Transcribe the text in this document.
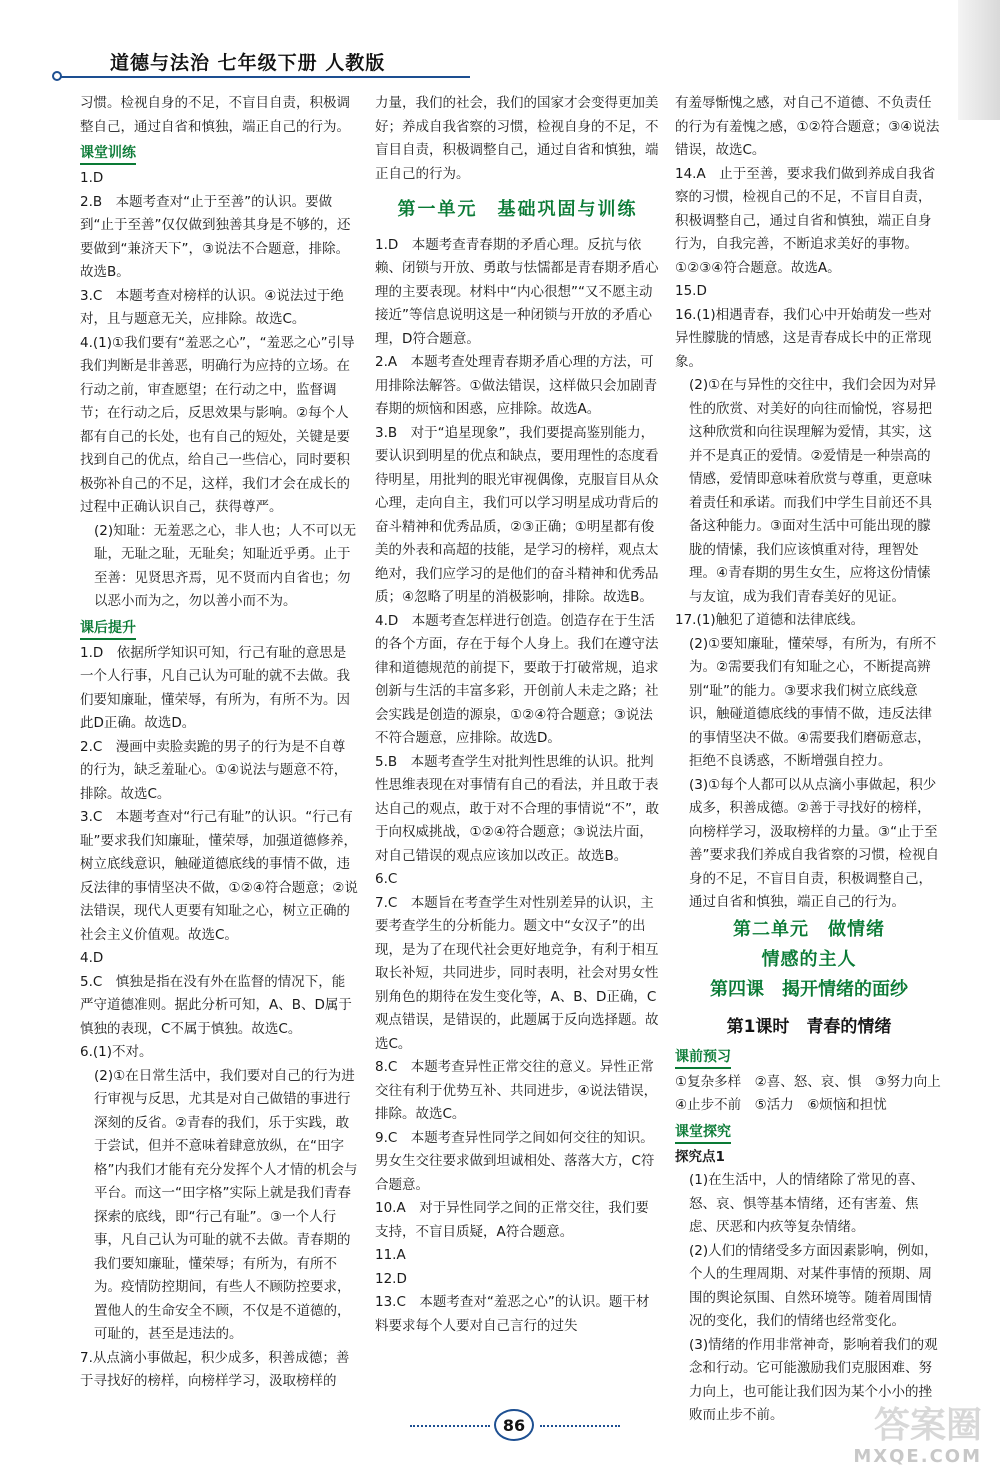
道德与法治 七年级下册 人教版

习惯。检视自身的不足，不盲目自责，积极调整自己，通过自省和慎独，端正自己的行为。

课堂训练

1.D

2.B　本题考查对“止于至善”的认识。要做到“止于至善”仅仅做到独善其身是不够的，还要做到“兼济天下”，③说法不合题意，排除。故选B。

3.C　本题考查对榜样的认识。④说法过于绝对，且与题意无关，应排除。故选C。

4.(1)①我们要有“羞恶之心”，“羞恶之心”引导我们判断是非善恶，明确行为应持的立场。在行动之前，审查愿望；在行动之中，监督调节；在行动之后，反思效果与影响。②每个人都有自己的长处，也有自己的短处，关键是要找到自己的优点，给自己一些信心，同时要积极弥补自己的不足，这样，我们才会在成长的过程中正确认识自己，获得尊严。

(2)知耻：无羞恶之心，非人也；人不可以无耻，无耻之耻，无耻矣；知耻近乎勇。止于至善：见贤思齐焉，见不贤而内自省也；勿以恶小而为之，勿以善小而不为。

课后提升

1.D　依据所学知识可知，行己有耻的意思是一个人行事，凡自己认为可耻的就不去做。我们要知廉耻，懂荣辱，有所为，有所不为。因此D正确。故选D。

2.C　漫画中卖脸卖跪的男子的行为是不自尊的行为，缺乏羞耻心。①④说法与题意不符，排除。故选C。

3.C　本题考查对“行己有耻”的认识。“行己有耻”要求我们知廉耻，懂荣辱，加强道德修养，树立底线意识，触碰道德底线的事情不做，违反法律的事情坚决不做，①②④符合题意；②说法错误，现代人更要有知耻之心，树立正确的社会主义价值观。故选C。

4.D

5.C　慎独是指在没有外在监督的情况下，能严守道德准则。据此分析可知，A、B、D属于慎独的表现，C不属于慎独。故选C。

6.(1)不对。

(2)①在日常生活中，我们要对自己的行为进行审视与反思，尤其是对自己做错的事进行深刻的反省。②青春的我们，乐于实践，敢于尝试，但并不意味着肆意放纵，在“田字格”内我们才能有充分发挥个人才情的机会与平台。而这一“田字格”实际上就是我们青春探索的底线，即“行己有耻”。③一个人行事，凡自己认为可耻的就不去做。青春期的我们要知廉耻，懂荣辱；有所为，有所不为。疫情防控期间，有些人不顾防控要求，置他人的生命安全不顾，不仅是不道德的，可耻的，甚至是违法的。

7.从点滴小事做起，积少成多，积善成德；善于寻找好的榜样，向榜样学习，汲取榜样的

力量，我们的社会，我们的国家才会变得更加美好；养成自我省察的习惯，检视自身的不足，不盲目自责，积极调整自己，通过自省和慎独，端正自己的行为。

第一单元　基础巩固与训练

1.D　本题考查青春期的矛盾心理。反抗与依赖、闭锁与开放、勇敢与怯懦都是青春期矛盾心理的主要表现。材料中“内心很想”“又不愿主动接近”等信息说明这是一种闭锁与开放的矛盾心理，D符合题意。

2.A　本题考查处理青春期矛盾心理的方法，可用排除法解答。①做法错误，这样做只会加剧青春期的烦恼和困惑，应排除。故选A。

3.B　对于“追星现象”，我们要提高鉴别能力，要认识到明星的优点和缺点，要用理性的态度看待明星，用批判的眼光审视偶像，克服盲目从众心理，走向自主，我们可以学习明星成功背后的奋斗精神和优秀品质，②③正确；①明星都有俊美的外表和高超的技能，是学习的榜样，观点太绝对，我们应学习的是他们的奋斗精神和优秀品质；④忽略了明星的消极影响，排除。故选B。

4.D　本题考查怎样进行创造。创造存在于生活的各个方面，存在于每个人身上。我们在遵守法律和道德规范的前提下，要敢于打破常规，追求创新与生活的丰富多彩，开创前人未走之路；社会实践是创造的源泉，①②④符合题意；③说法不符合题意，应排除。故选D。

5.B　本题考查学生对批判性思维的认识。批判性思维表现在对事情有自己的看法，并且敢于表达自己的观点，敢于对不合理的事情说“不”，敢于向权威挑战，①②④符合题意；③说法片面，对自己错误的观点应该加以改正。故选B。

6.C

7.C　本题旨在考查学生对性别差异的认识，主要考查学生的分析能力。题文中“女汉子”的出现，是为了在现代社会更好地竞争，有利于相互取长补短，共同进步，同时表明，社会对男女性别角色的期待在发生变化等，A、B、D正确，C观点错误，是错误的，此题属于反向选择题。故选C。

8.C　本题考查异性正常交往的意义。异性正常交往有利于优势互补、共同进步，④说法错误，排除。故选C。

9.C　本题考查异性同学之间如何交往的知识。男女生交往要求做到坦诚相处、落落大方，C符合题意。

10.A　对于异性同学之间的正常交往，我们要支持，不盲目质疑，A符合题意。

11.A

12.D

13.C　本题考查对“羞恶之心”的认识。题干材料要求每个人要对自己言行的过失

有羞辱惭愧之感，对自己不道德、不负责任的行为有羞愧之感，①②符合题意；③④说法错误，故选C。

14.A　止于至善，要求我们做到养成自我省察的习惯，检视自己的不足，不盲目自责，积极调整自己，通过自省和慎独，端正自身行为，自我完善，不断追求美好的事物。①②③④符合题意。故选A。

15.D

16.(1)相遇青春，我们心中开始萌发一些对异性朦胧的情感，这是青春成长中的正常现象。

(2)①在与异性的交往中，我们会因为对异性的欣赏、对美好的向往而愉悦，容易把这种欣赏和向往误理解为爱情，其实，这并不是真正的爱情。②爱情是一种崇高的情感，爱情即意味着欣赏与尊重，更意味着责任和承诺。而我们中学生目前还不具备这种能力。③面对生活中可能出现的朦胧的情愫，我们应该慎重对待，理智处理。④青春期的男生女生，应将这份情愫与友谊，成为我们青春美好的见证。

17.(1)触犯了道德和法律底线。

(2)①要知廉耻，懂荣辱，有所为，有所不为。②需要我们有知耻之心，不断提高辨别“耻”的能力。③要求我们树立底线意识，触碰道德底线的事情不做，违反法律的事情坚决不做。④需要我们磨砺意志，拒绝不良诱惑，不断增强自控力。

(3)①每个人都可以从点滴小事做起，积少成多，积善成德。②善于寻找好的榜样，向榜样学习，汲取榜样的力量。③“止于至善”要求我们养成自我省察的习惯，检视自身的不足，不盲目自责，积极调整自己，通过自省和慎独，端正自己的行为。

第二单元　做情绪
情感的主人
第四课　揭开情绪的面纱
第1课时　青春的情绪
课前预习

①复杂多样　②喜、怒、哀、惧　③努力向上

④止步不前　⑤活力　⑥烦恼和担忧

课堂探究

探究点1

(1)在生活中，人的情绪除了常见的喜、怒、哀、惧等基本情绪，还有害羞、焦虑、厌恶和内疚等复杂情绪。

(2)人们的情绪受多方面因素影响，例如，个人的生理周期、对某件事情的预期、周围的舆论氛围、自然环境等。随着周围情况的变化，我们的情绪也经常变化。

(3)情绪的作用非常神奇，影响着我们的观念和行动。它可能激励我们克服困难、努力向上，也可能让我们因为某个小小的挫败而止步不前。

86	答案圈
MXQE.COM
